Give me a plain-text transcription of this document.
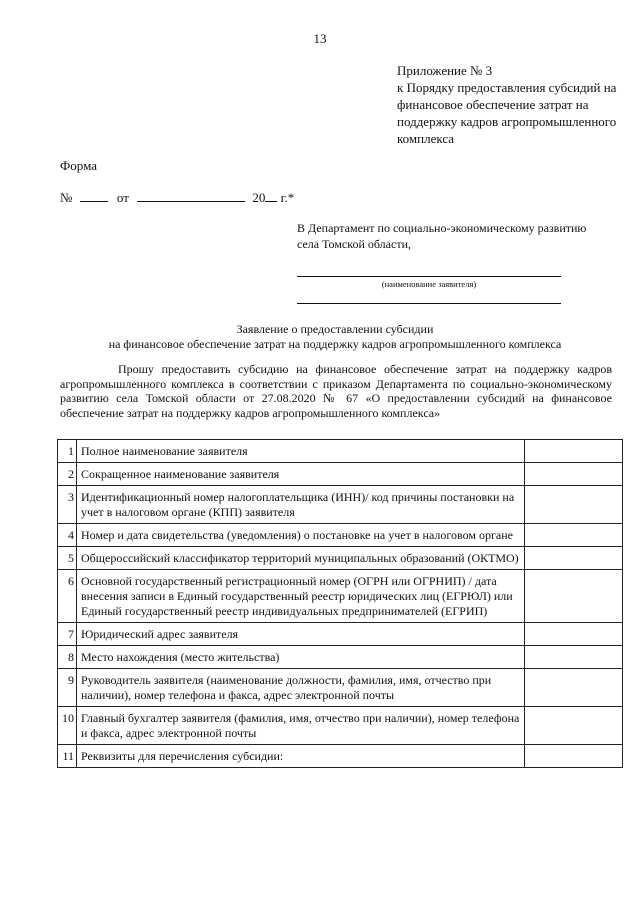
13
Приложение № 3
к Порядку предоставления субсидий на финансовое обеспечение затрат на поддержку кадров агропромышленного комплекса
Форма
№	от	20 г.*
В Департамент по социально-экономическому развитию села Томской области,
(наименование заявителя)
Заявление о предоставлении субсидии
на финансовое обеспечение затрат на поддержку кадров агропромышленного комплекса
Прошу предоставить субсидию на финансовое обеспечение затрат на поддержку кадров агропромышленного комплекса в соответствии с приказом Департамента по социально-экономическому развитию села Томской области от 27.08.2020 № 67 «О предоставлении субсидий на финансовое обеспечение затрат на поддержку кадров агропромышленного комплекса»
1	Полное наименование заявителя	
2	Сокращенное наименование заявителя	
3	Идентификационный номер налогоплательщика (ИНН)/ код причины постановки на учет в налоговом органе (КПП) заявителя	
4	Номер и дата свидетельства (уведомления) о постановке на учет в налоговом органе	
5	Общероссийский классификатор территорий муниципальных образований (ОКТМО)	
6	Основной государственный регистрационный номер (ОГРН или ОГРНИП) / дата внесения записи в Единый государственный реестр юридических лиц (ЕГРЮЛ) или Единый государственный реестр индивидуальных предпринимателей (ЕГРИП)	
7	Юридический адрес заявителя	
8	Место нахождения (место жительства)	
9	Руководитель заявителя (наименование должности, фамилия, имя, отчество при наличии), номер телефона и факса, адрес электронной почты	
10	Главный бухгалтер заявителя (фамилия, имя, отчество при наличии), номер телефона и факса, адрес электронной почты	
11	Реквизиты для перечисления субсидии:	
